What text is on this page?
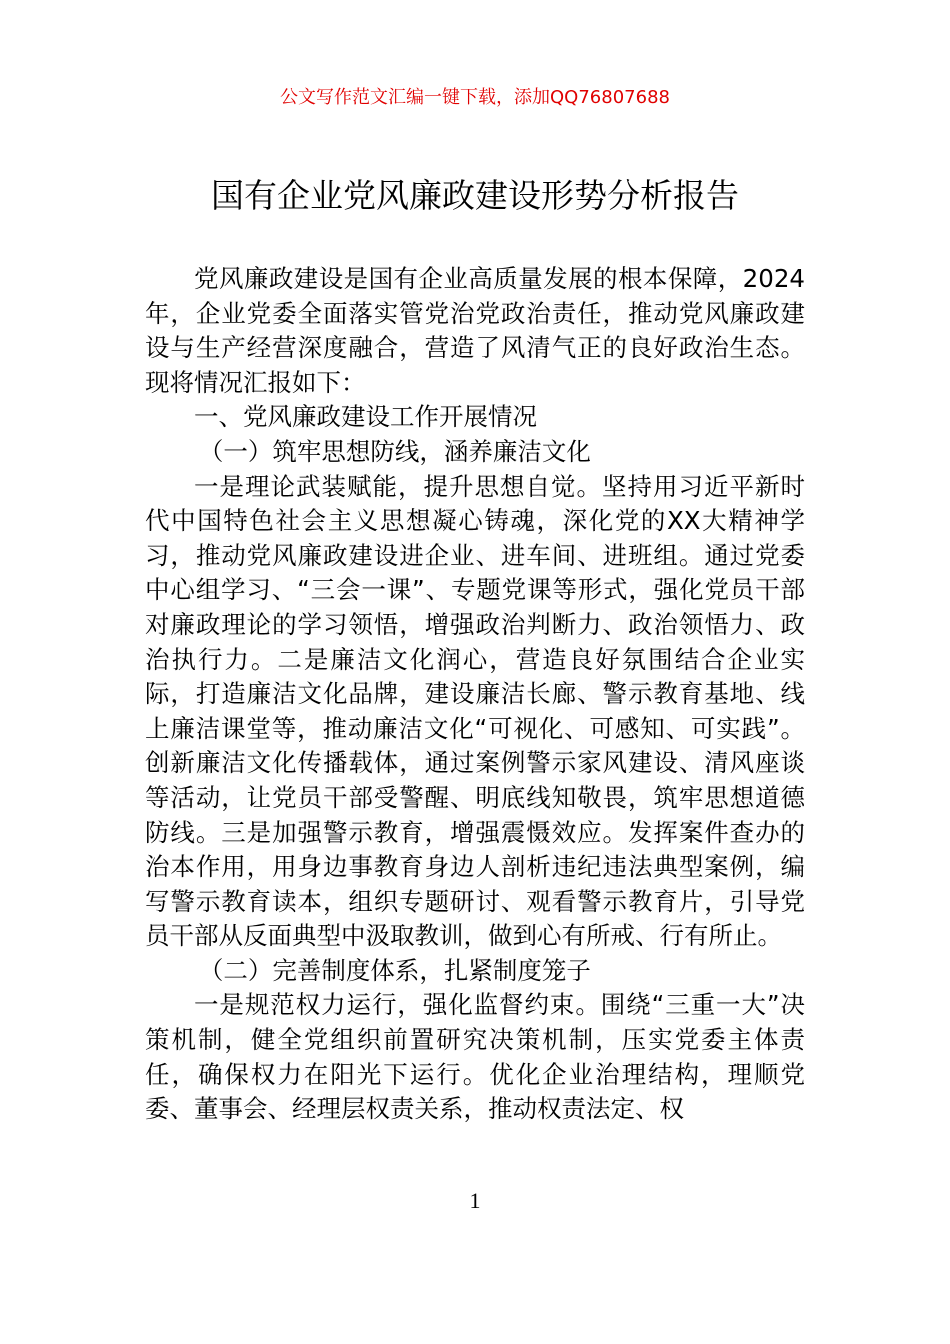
公文写作范文汇编一键下载，添加QQ76807688
国有企业党风廉政建设形势分析报告

党风廉政建设是国有企业高质量发展的根本保障，2024年，企业党委全面落实管党治党政治责任，推动党风廉政建设与生产经营深度融合，营造了风清气正的良好政治生态。现将情况汇报如下：

一、党风廉政建设工作开展情况

（一）筑牢思想防线，涵养廉洁文化

一是理论武装赋能，提升思想自觉。坚持用习近平新时代中国特色社会主义思想凝心铸魂，深化党的XX大精神学习，推动党风廉政建设进企业、进车间、进班组。通过党委中心组学习、“三会一课”、专题党课等形式，强化党员干部对廉政理论的学习领悟，增强政治判断力、政治领悟力、政治执行力。二是廉洁文化润心，营造良好氛围结合企业实际，打造廉洁文化品牌，建设廉洁长廊、警示教育基地、线上廉洁课堂等，推动廉洁文化“可视化、可感知、可实践”。创新廉洁文化传播载体，通过案例警示家风建设、清风座谈等活动，让党员干部受警醒、明底线知敬畏，筑牢思想道德防线。三是加强警示教育，增强震慑效应。发挥案件查办的治本作用，用身边事教育身边人剖析违纪违法典型案例，编写警示教育读本，组织专题研讨、观看警示教育片，引导党员干部从反面典型中汲取教训，做到心有所戒、行有所止。

（二）完善制度体系，扎紧制度笼子

一是规范权力运行，强化监督约束。围绕“三重一大”决策机制，健全党组织前置研究决策机制，压实党委主体责任，确保权力在阳光下运行。优化企业治理结构，理顺党委、董事会、经理层权责关系，推动权责法定、权

1
